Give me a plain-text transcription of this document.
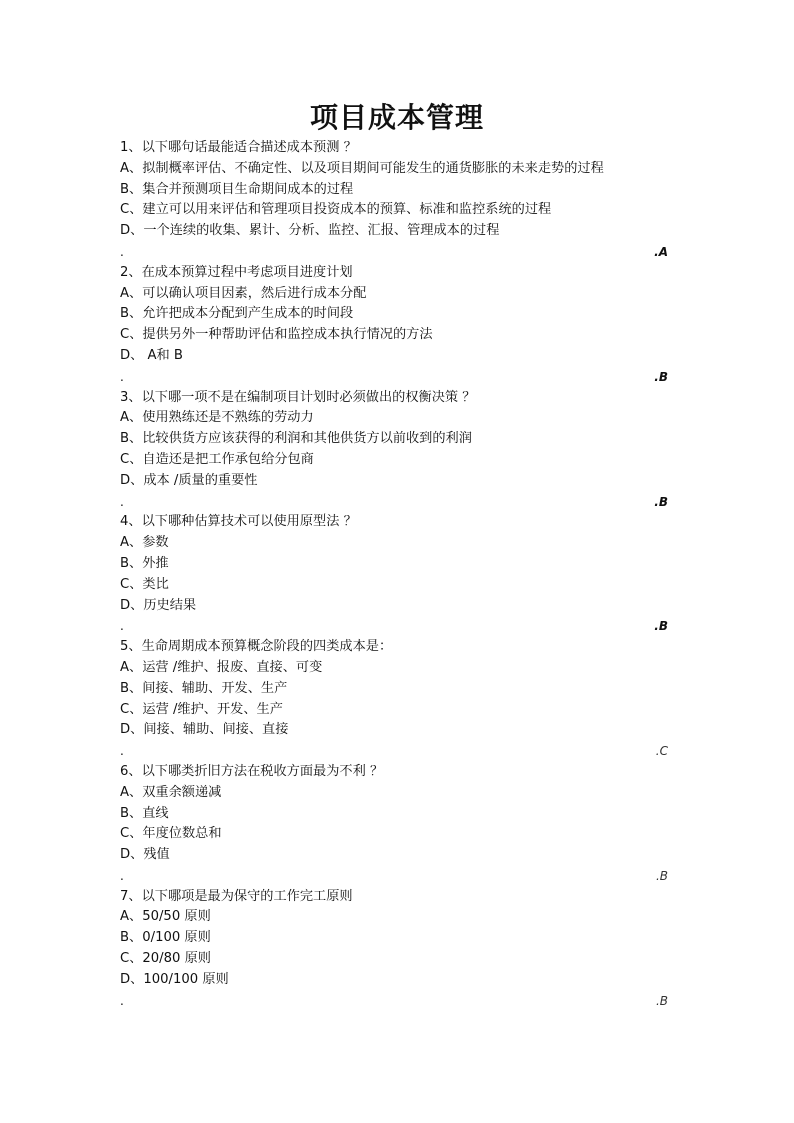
项目成本管理
1、以下哪句话最能适合描述成本预测 ？
A、拟制概率评估、不确定性、以及项目期间可能发生的通货膨胀的未来走势的过程
B、集合并预测项目生命期间成本的过程
C、建立可以用来评估和管理项目投资成本的预算、标准和监控系统的过程
D、一个连续的收集、累计、分析、监控、汇报、管理成本的过程
.	.A
2、在成本预算过程中考虑项目进度计划
A、可以确认项目因素，然后进行成本分配
B、允许把成本分配到产生成本的时间段
C、提供另外一种帮助评估和监控成本执行情况的方法
D、 A和 B
.	.B
3、以下哪一项不是在编制项目计划时必须做出的权衡决策 ？
A、使用熟练还是不熟练的劳动力
B、比较供货方应该获得的利润和其他供货方以前收到的利润
C、自造还是把工作承包给分包商
D、成本 /质量的重要性
.	.B
4、以下哪种估算技术可以使用原型法 ？
A、参数
B、外推
C、类比
D、历史结果
.	.B
5、生命周期成本预算概念阶段的四类成本是：
A、运营 /维护、报废、直接、可变
B、间接、辅助、开发、生产
C、运营 /维护、开发、生产
D、间接、辅助、间接、直接
.	.C
6、以下哪类折旧方法在税收方面最为不利 ？
A、双重余额递减
B、直线
C、年度位数总和
D、残值
.	.B
7、以下哪项是最为保守的工作完工原则
A、50/50 原则
B、0/100 原则
C、20/80 原则
D、100/100 原则
.	.B
